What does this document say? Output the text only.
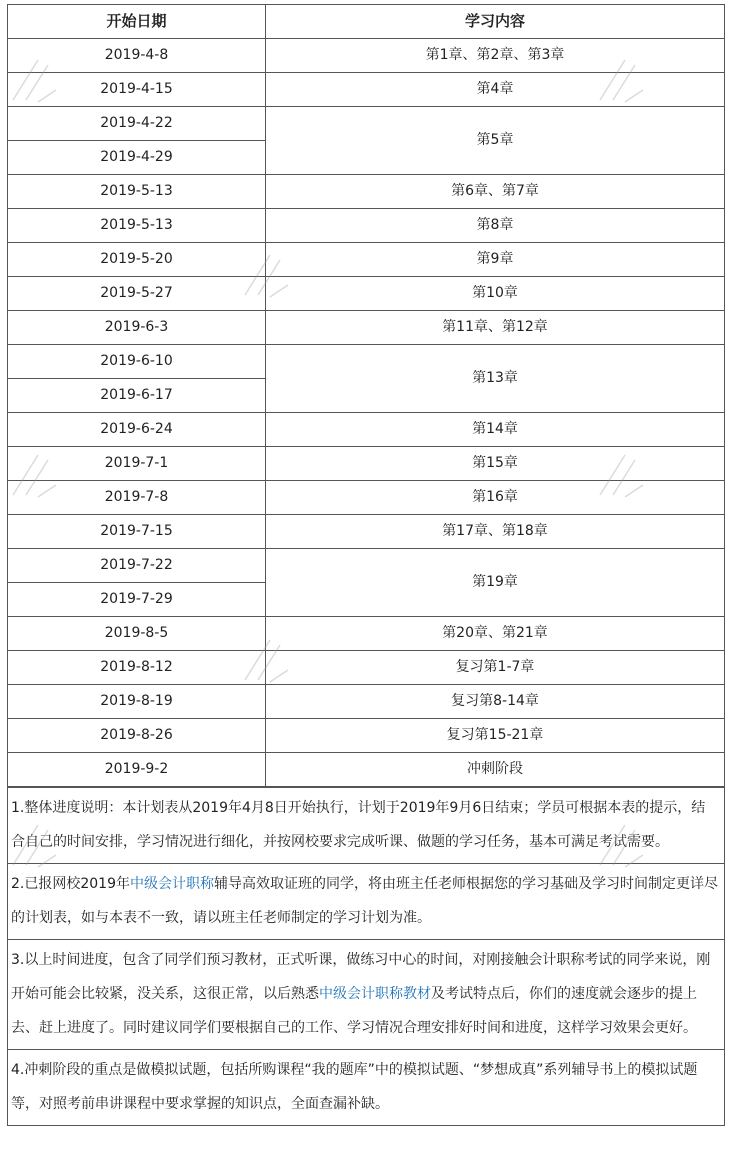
开始日期	学习内容
2019-4-8	第1章、第2章、第3章
2019-4-15	第4章
2019-4-22	第5章
2019-4-29	
2019-5-13	第6章、第7章
2019-5-13	第8章
2019-5-20	第9章
2019-5-27	第10章
2019-6-3	第11章、第12章
2019-6-10	第13章
2019-6-17	
2019-6-24	第14章
2019-7-1	第15章
2019-7-8	第16章
2019-7-15	第17章、第18章
2019-7-22	第19章
2019-7-29	
2019-8-5	第20章、第21章
2019-8-12	复习第1-7章
2019-8-19	复习第8-14章
2019-8-26	复习第15-21章
2019-9-2	冲刺阶段
1.整体进度说明：本计划表从2019年4月8日开始执行，计划于2019年9月6日结束；学员可根据本表的提示，结合自己的时间安排，学习情况进行细化，并按网校要求完成听课、做题的学习任务，基本可满足考试需要。
2.已报网校2019年中级会计职称辅导高效取证班的同学，将由班主任老师根据您的学习基础及学习时间制定更详尽的计划表，如与本表不一致，请以班主任老师制定的学习计划为准。
3.以上时间进度，包含了同学们预习教材，正式听课，做练习中心的时间，对刚接触会计职称考试的同学来说，刚开始可能会比较紧，没关系，这很正常，以后熟悉中级会计职称教材及考试特点后，你们的速度就会逐步的提上去、赶上进度了。同时建议同学们要根据自己的工作、学习情况合理安排好时间和进度，这样学习效果会更好。
4.冲刺阶段的重点是做模拟试题，包括所购课程“我的题库”中的模拟试题、“梦想成真”系列辅导书上的模拟试题等，对照考前串讲课程中要求掌握的知识点，全面查漏补缺。
